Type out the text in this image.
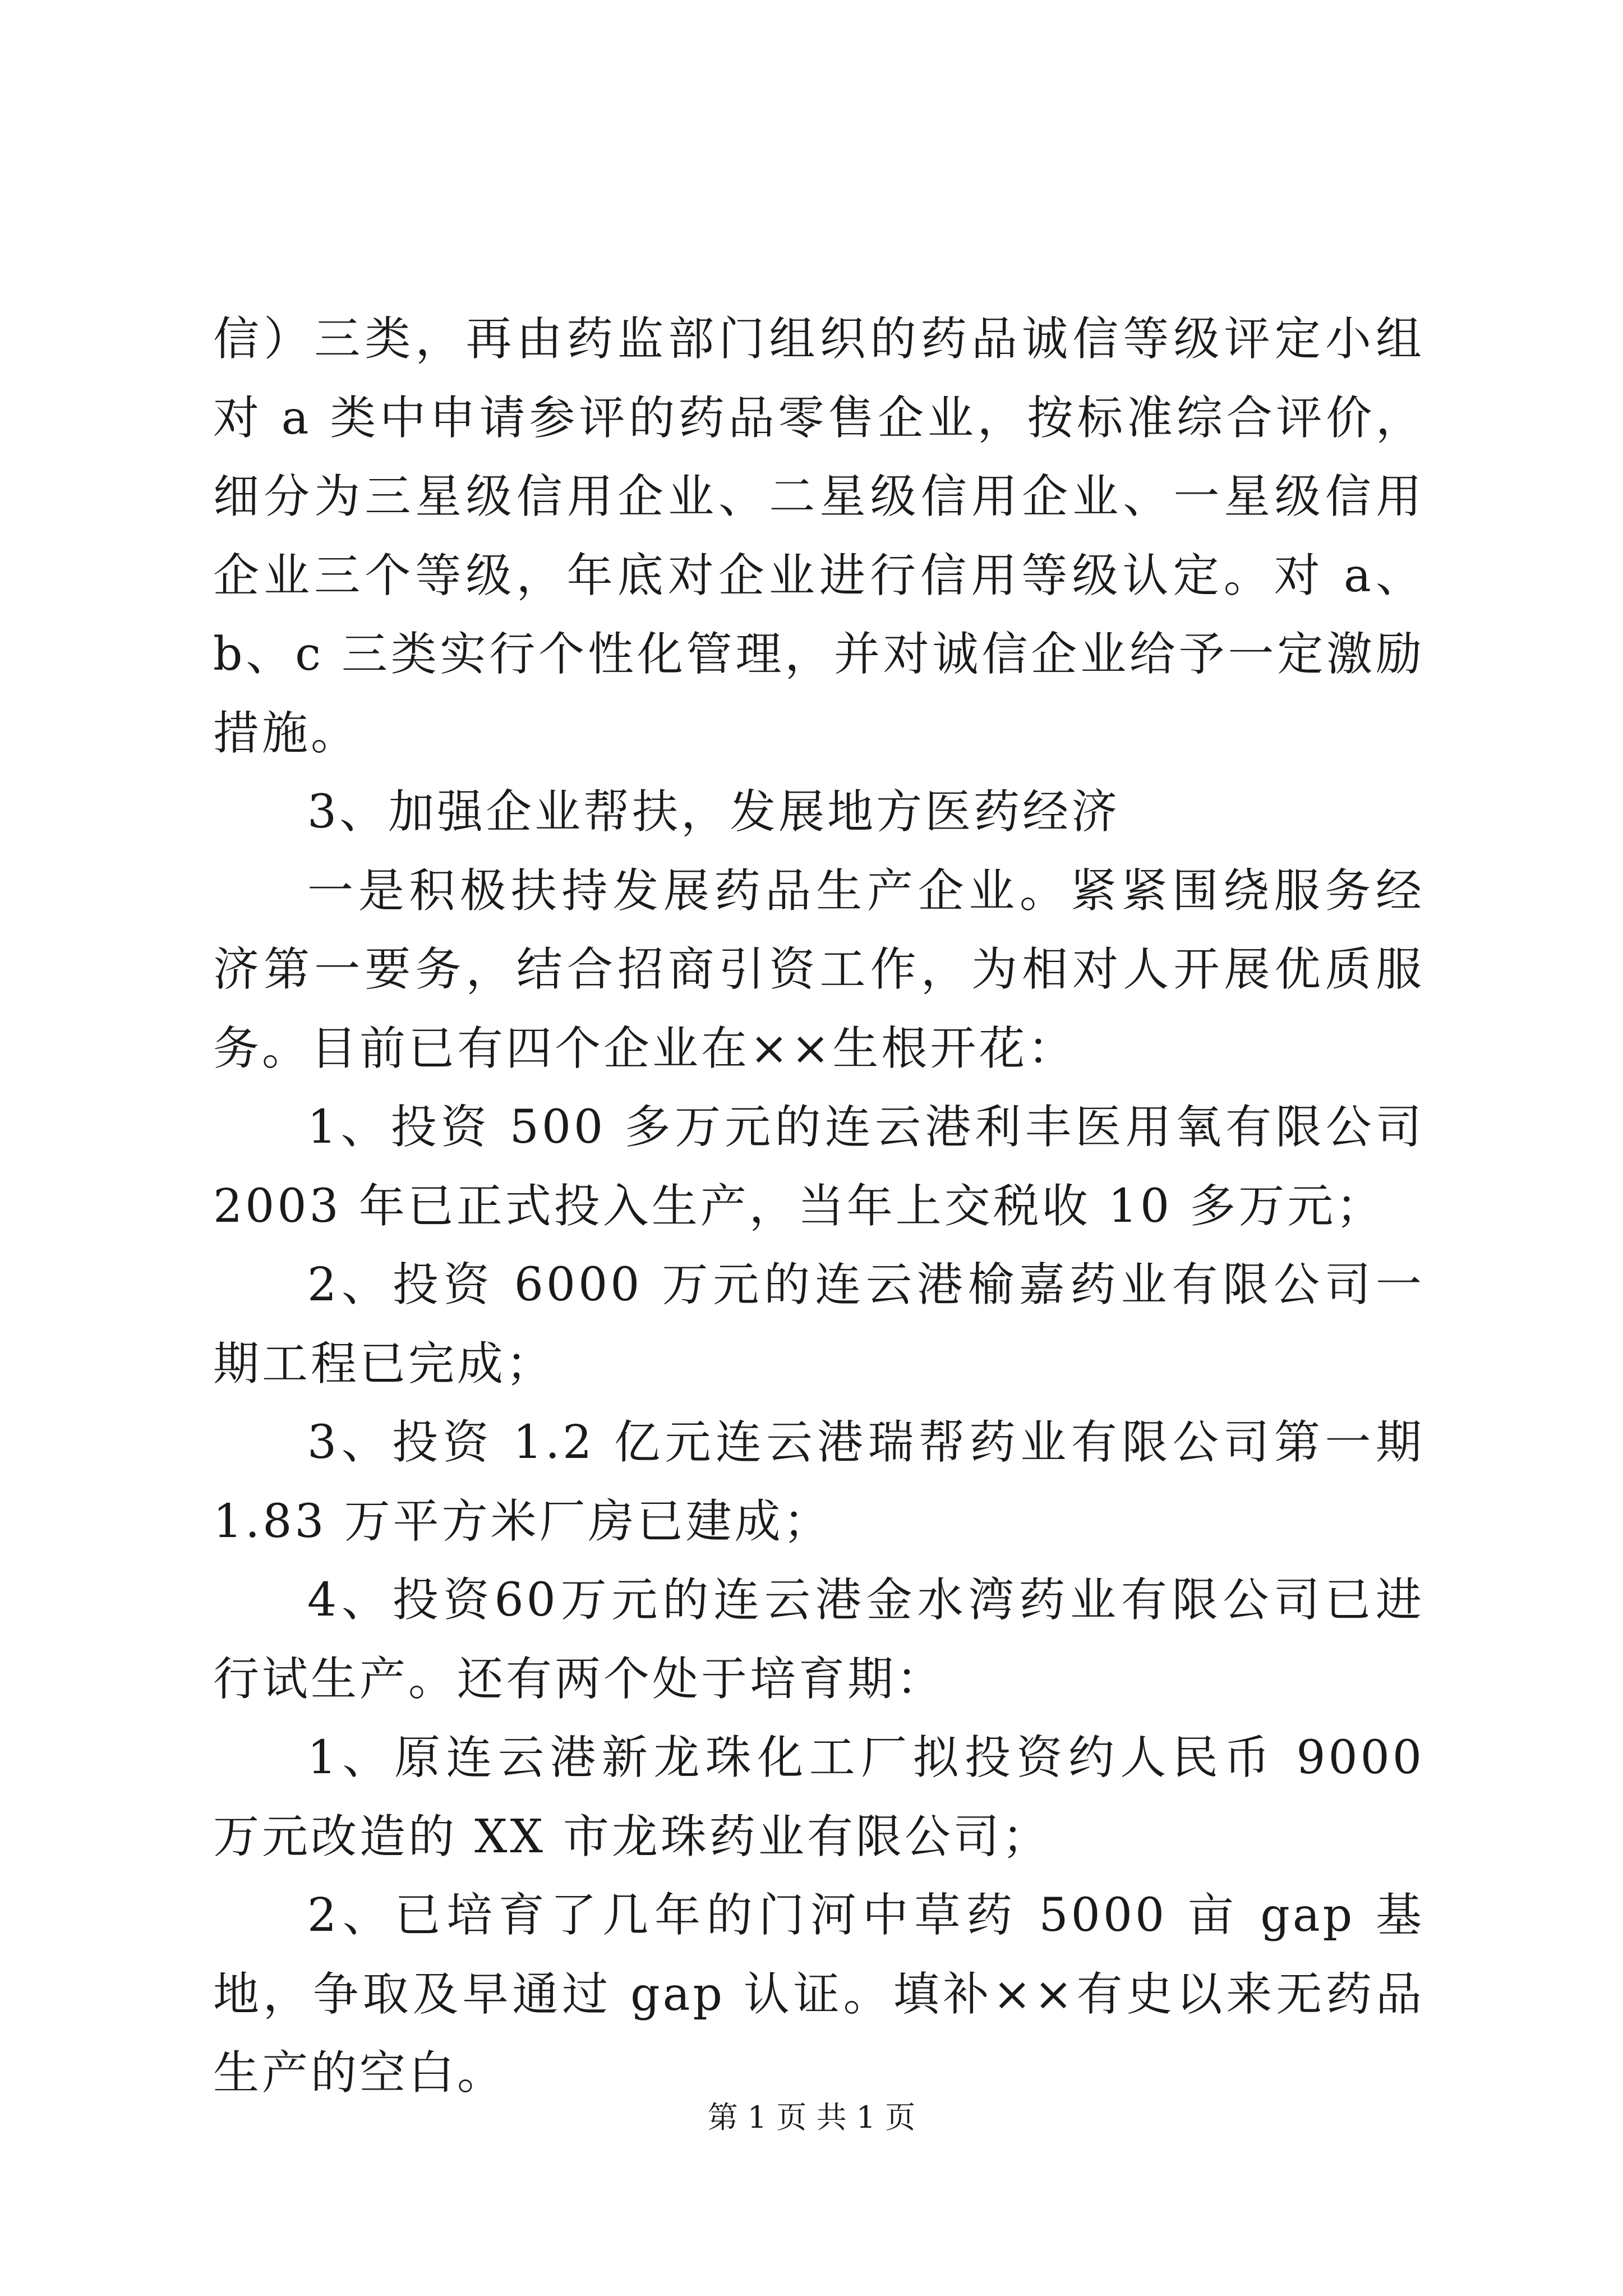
信）三类，再由药监部门组织的药品诚信等级评定小组对 a 类中申请参评的药品零售企业，按标准综合评价，细分为三星级信用企业、二星级信用企业、一星级信用企业三个等级，年底对企业进行信用等级认定。对 a、b、c 三类实行个性化管理，并对诚信企业给予一定激励措施。

3、加强企业帮扶，发展地方医药经济

一是积极扶持发展药品生产企业。紧紧围绕服务经济第一要务，结合招商引资工作，为相对人开展优质服务。目前已有四个企业在××生根开花：

1、投资 500 多万元的连云港利丰医用氧有限公司 2003 年已正式投入生产，当年上交税收 10 多万元；

2、投资 6000 万元的连云港榆嘉药业有限公司一期工程已完成；

3、投资 1.2 亿元连云港瑞帮药业有限公司第一期 1.83 万平方米厂房已建成；

4、投资60万元的连云港金水湾药业有限公司已进行试生产。还有两个处于培育期：

1、原连云港新龙珠化工厂拟投资约人民币 9000 万元改造的 XX 市龙珠药业有限公司；

2、已培育了几年的门河中草药 5000 亩 gap 基地，争取及早通过 gap 认证。填补××有史以来无药品生产的空白。

第 1 页 共 1 页
